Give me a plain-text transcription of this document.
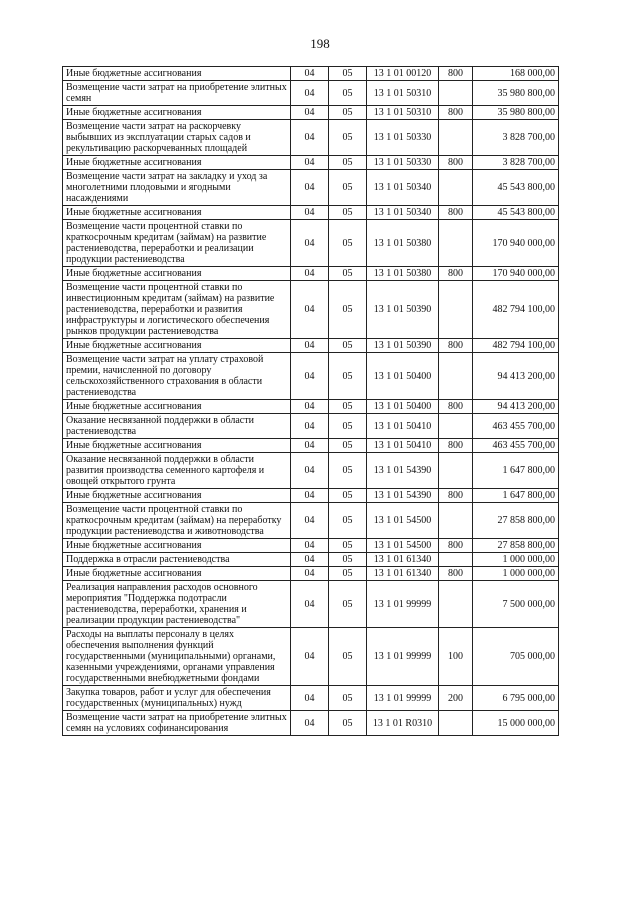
198
Иные бюджетные ассигнования	04	05	13 1 01 00120	800	168 000,00
Возмещение части затрат на приобретение элитных семян	04	05	13 1 01 50310		35 980 800,00
Иные бюджетные ассигнования	04	05	13 1 01 50310	800	35 980 800,00
Возмещение части затрат на раскорчевку выбывших из эксплуатации старых садов и рекультивацию раскорчеванных площадей	04	05	13 1 01 50330		3 828 700,00
Иные бюджетные ассигнования	04	05	13 1 01 50330	800	3 828 700,00
Возмещение части затрат на закладку и уход за многолетними плодовыми и ягодными насаждениями	04	05	13 1 01 50340		45 543 800,00
Иные бюджетные ассигнования	04	05	13 1 01 50340	800	45 543 800,00
Возмещение части процентной ставки по краткосрочным кредитам (займам) на развитие растениеводства, переработки и реализации продукции растениеводства	04	05	13 1 01 50380		170 940 000,00
Иные бюджетные ассигнования	04	05	13 1 01 50380	800	170 940 000,00
Возмещение части процентной ставки по инвестиционным кредитам (займам) на развитие растениеводства, переработки и развития инфраструктуры и логистического обеспечения рынков продукции растениеводства	04	05	13 1 01 50390		482 794 100,00
Иные бюджетные ассигнования	04	05	13 1 01 50390	800	482 794 100,00
Возмещение части затрат на уплату страховой премии, начисленной по договору сельскохозяйственного страхования в области растениеводства	04	05	13 1 01 50400		94 413 200,00
Иные бюджетные ассигнования	04	05	13 1 01 50400	800	94 413 200,00
Оказание несвязанной поддержки в области растениеводства	04	05	13 1 01 50410		463 455 700,00
Иные бюджетные ассигнования	04	05	13 1 01 50410	800	463 455 700,00
Оказание несвязанной поддержки в области развития производства семенного картофеля и овощей открытого грунта	04	05	13 1 01 54390		1 647 800,00
Иные бюджетные ассигнования	04	05	13 1 01 54390	800	1 647 800,00
Возмещение части процентной ставки по краткосрочным кредитам (займам) на переработку продукции растениеводства и животноводства	04	05	13 1 01 54500		27 858 800,00
Иные бюджетные ассигнования	04	05	13 1 01 54500	800	27 858 800,00
Поддержка в отрасли растениеводства	04	05	13 1 01 61340		1 000 000,00
Иные бюджетные ассигнования	04	05	13 1 01 61340	800	1 000 000,00
Реализация направления расходов основного мероприятия "Поддержка подотрасли растениеводства, переработки, хранения и реализации продукции растениеводства"	04	05	13 1 01 99999		7 500 000,00
Расходы на выплаты персоналу в целях обеспечения выполнения функций государственными (муниципальными) органами, казенными учреждениями, органами управления государственными внебюджетными фондами	04	05	13 1 01 99999	100	705 000,00
Закупка товаров, работ и услуг для обеспечения государственных (муниципальных) нужд	04	05	13 1 01 99999	200	6 795 000,00
Возмещение части затрат на приобретение элитных семян на условиях софинансирования	04	05	13 1 01 R0310		15 000 000,00
